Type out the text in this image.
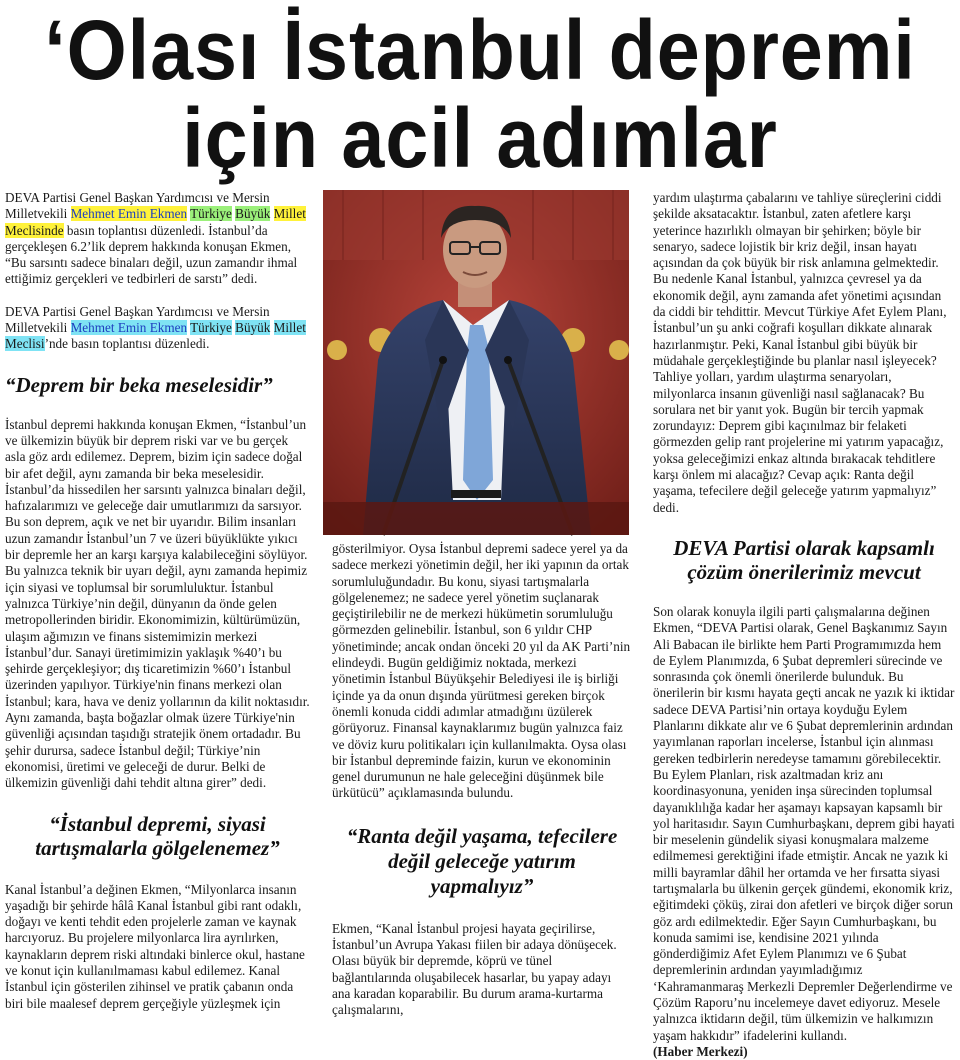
‘Olası İstanbul depremi
için acil adımlar

DEVA Partisi Genel Başkan Yardımcısı ve Mersin Milletvekili Mehmet Emin Ekmen Türkiye Büyük Millet Meclisinde basın toplantısı düzenledi. İstanbul’da gerçekleşen 6.2’lik deprem hakkında konuşan Ekmen, “Bu sarsıntı sadece binaları değil, uzun zamandır ihmal ettiğimiz gerçekleri ve tedbirleri de sarstı” dedi.

DEVA Partisi Genel Başkan Yardımcısı ve Mersin Milletvekili Mehmet Emin Ekmen Türkiye Büyük Millet Meclisi’nde basın toplantısı düzenledi.

“Deprem bir beka meselesidir”

İstanbul depremi hakkında konuşan Ekmen, “İstanbul’un ve ülkemizin büyük bir deprem riski var ve bu gerçek asla göz ardı edilemez. Deprem, bizim için sadece doğal bir afet değil, aynı zamanda bir beka meselesidir. İstanbul’da hissedilen her sarsıntı yalnızca binaları değil, hafızalarımızı ve geleceğe dair umutlarımızı da sarsıyor. Bu son deprem, açık ve net bir uyarıdır. Bilim insanları uzun zamandır İstanbul’un 7 ve üzeri büyüklükte yıkıcı bir depremle her an karşı karşıya kalabileceğini söylüyor. Bu yalnızca teknik bir uyarı değil, aynı zamanda hepimiz için siyasi ve toplumsal bir sorumluluktur. İstanbul yalnızca Türkiye’nin değil, dünyanın da önde gelen metropollerinden biridir. Ekonomimizin, kültürümüzün, ulaşım ağımızın ve finans sistemimizin merkezi İstanbul’dur. Sanayi üretimimizin yaklaşık %40’ı bu şehirde gerçekleşiyor; dış ticaretimizin %60’ı İstanbul üzerinden yapılıyor. Türkiye'nin finans merkezi olan İstanbul; kara, hava ve deniz yollarının da kilit noktasıdır. Aynı zamanda, başta boğazlar olmak üzere Türkiye'nin güvenliği açısından taşıdığı stratejik önem ortadadır. Bu şehir durursa, sadece İstanbul değil; Türkiye’nin ekonomisi, üretimi ve geleceği de durur. Belki de ülkemizin güvenliği dahi tehdit altına girer” dedi.

“İstanbul depremi, siyasi tartışmalarla gölgelenemez”

Kanal İstanbul’a değinen Ekmen, “Milyonlarca insanın yaşadığı bir şehirde hâlâ Kanal İstanbul gibi rant odaklı, doğayı ve kenti tehdit eden projelerle zaman ve kaynak harcıyoruz. Bu projelere milyonlarca lira ayrılırken, kaynakların deprem riski altındaki binlerce okul, hastane ve konut için kullanılmaması kabul edilemez. Kanal İstanbul için gösterilen zihinsel ve pratik çabanın onda biri bile maalesef deprem gerçeğiyle yüzleşmek için

gösterilmiyor. Oysa İstanbul depremi sadece yerel ya da sadece merkezi yönetimin değil, her iki yapının da ortak sorumluluğundadır. Bu konu, siyasi tartışmalarla gölgelenemez; ne sadece yerel yönetim suçlanarak geçiştirilebilir ne de merkezi hükümetin sorumluluğu görmezden gelinebilir. İstanbul, son 6 yıldır CHP yönetiminde; ancak ondan önceki 20 yıl da AK Parti’nin elindeydi. Bugün geldiğimiz noktada, merkezi yönetimin İstanbul Büyükşehir Belediyesi ile iş birliği içinde ya da onun dışında yürütmesi gereken birçok önemli konuda ciddi adımlar atmadığını üzülerek görüyoruz. Finansal kaynaklarımız bugün yalnızca faiz ve döviz kuru politikaları için kullanılmakta. Oysa olası bir İstanbul depreminde faizin, kurun ve ekonominin genel durumunun ne hale geleceğini düşünmek bile ürkütücü” açıklamasında bulundu.

“Ranta değil yaşama, tefecilere değil geleceğe yatırım yapmalıyız”

Ekmen, “Kanal İstanbul projesi hayata geçirilirse, İstanbul’un Avrupa Yakası fiilen bir adaya dönüşecek. Olası büyük bir depremde, köprü ve tünel bağlantılarında oluşabilecek hasarlar, bu yapay adayı ana karadan koparabilir. Bu durum arama-kurtarma çalışmalarını,

yardım ulaştırma çabalarını ve tahliye süreçlerini ciddi şekilde aksatacaktır. İstanbul, zaten afetlere karşı yeterince hazırlıklı olmayan bir şehirken; böyle bir senaryo, sadece lojistik bir kriz değil, insan hayatı açısından da çok büyük bir risk anlamına gelmektedir. Bu nedenle Kanal İstanbul, yalnızca çevresel ya da ekonomik değil, aynı zamanda afet yönetimi açısından da ciddi bir tehdittir. Mevcut Türkiye Afet Eylem Planı, İstanbul’un şu anki coğrafi koşulları dikkate alınarak hazırlanmıştır. Peki, Kanal İstanbul gibi büyük bir müdahale gerçekleştiğinde bu planlar nasıl işleyecek? Tahliye yolları, yardım ulaştırma senaryoları, milyonlarca insanın güvenliği nasıl sağlanacak? Bu sorulara net bir yanıt yok. Bugün bir tercih yapmak zorundayız: Deprem gibi kaçınılmaz bir felaketi görmezden gelip rant projelerine mi yatırım yapacağız, yoksa geleceğimizi enkaz altında bırakacak tehditlere karşı önlem mi alacağız? Cevap açık: Ranta değil yaşama, tefecilere değil geleceğe yatırım yapmalıyız” dedi.

DEVA Partisi olarak kapsamlı çözüm önerilerimiz mevcut

Son olarak konuyla ilgili parti çalışmalarına değinen Ekmen, “DEVA Partisi olarak, Genel Başkanımız Sayın Ali Babacan ile birlikte hem Parti Programımızda hem de Eylem Planımızda, 6 Şubat depremleri sürecinde ve sonrasında çok önemli önerilerde bulunduk. Bu önerilerin bir kısmı hayata geçti ancak ne yazık ki iktidar sadece DEVA Partisi’nin ortaya koyduğu Eylem Planlarını dikkate alır ve 6 Şubat depremlerinin ardından yayımlanan raporları incelerse, İstanbul için alınması gereken tedbirlerin neredeyse tamamını görebilecektir. Bu Eylem Planları, risk azaltmadan kriz anı koordinasyonuna, yeniden inşa sürecinden toplumsal dayanıklılığa kadar her aşamayı kapsayan kapsamlı bir yol haritasıdır. Sayın Cumhurbaşkanı, deprem gibi hayati bir meselenin gündelik siyasi konuşmalara malzeme edilmemesi gerektiğini ifade etmiştir. Ancak ne yazık ki milli bayramlar dâhil her ortamda ve her fırsatta siyasi tartışmalarla bu ülkenin gerçek gündemi, ekonomik kriz, eğitimdeki çöküş, zirai don afetleri ve birçok diğer sorun göz ardı edilmektedir. Eğer Sayın Cumhurbaşkanı, bu konuda samimi ise, kendisine 2021 yılında gönderdiğimiz Afet Eylem Planımızı ve 6 Şubat depremlerinin ardından yayımladığımız ‘Kahramanmaraş Merkezli Depremler Değerlendirme ve Çözüm Raporu’nu incelemeye davet ediyoruz. Mesele yalnızca iktidarın değil, tüm ülkemizin ve halkımızın yaşam hakkıdır” ifadelerini kullandı.

(Haber Merkezi)
